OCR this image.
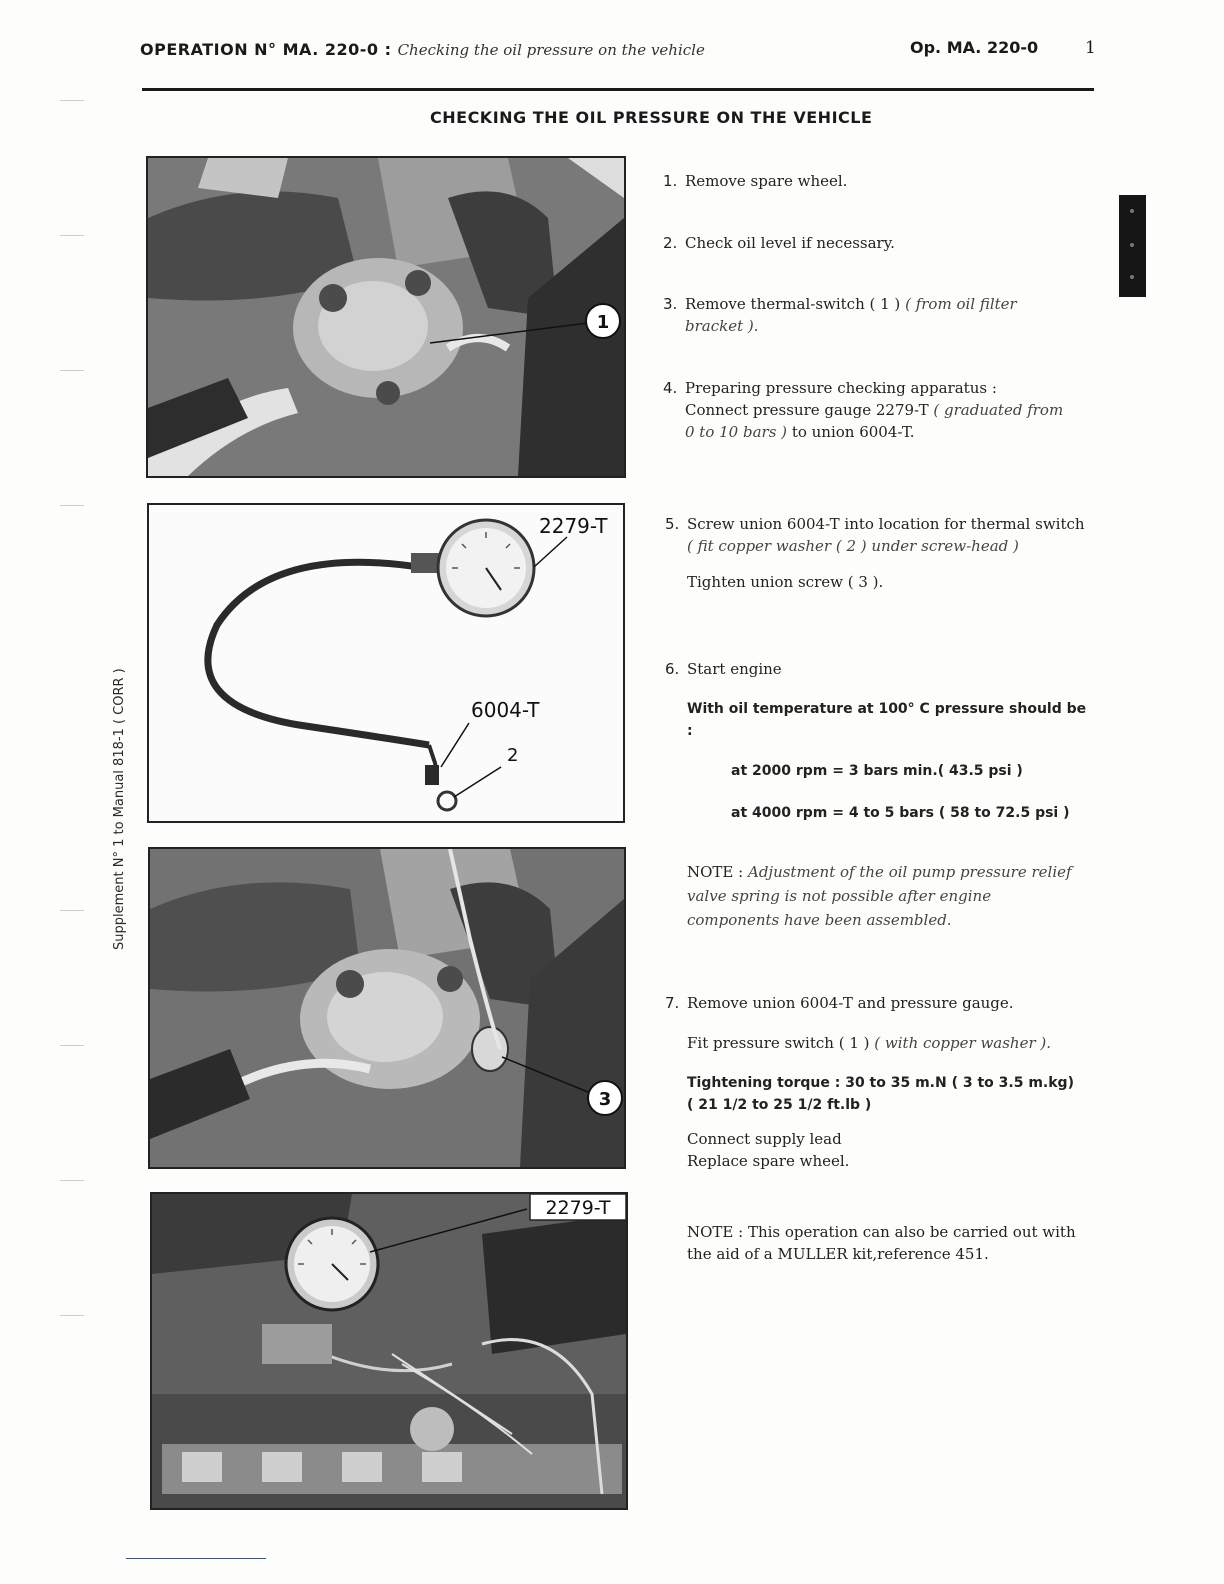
OPERATION N° MA. 220-0 : Checking the oil pressure on the vehicle	Op. MA. 220-0	1
CHECKING THE OIL PRESSURE ON THE VEHICLE
Supplement N° 1 to Manual 818-1 ( CORR )
1
2279-T
6004-T
2
3
2279-T
1. Remove spare wheel.
2. Check oil level if necessary.
3. Remove thermal-switch ( 1 ) ( from oil filter bracket ).
4. Preparing pressure checking apparatus :
Connect pressure gauge 2279-T ( graduated from 0 to 10 bars ) to union 6004-T.
5. Screw union 6004-T into location for thermal switch ( fit copper washer ( 2 ) under screw-head )
Tighten union screw ( 3 ).
6. Start engine
With oil temperature at 100° C pressure should be :
at 2000 rpm = 3 bars min.( 43.5 psi )
at 4000 rpm = 4 to 5 bars ( 58 to 72.5 psi )
NOTE : Adjustment of the oil pump pressure relief valve spring is not possible after engine components have been assembled.
7. Remove union 6004-T and pressure gauge.
Fit pressure switch ( 1 ) ( with copper washer ).
Tightening torque : 30 to 35 m.N ( 3 to 3.5 m.kg)
( 21 1/2 to 25 1/2 ft.lb )
Connect supply lead
Replace spare wheel.
NOTE : This operation can also be carried out with the aid of a MULLER kit,reference 451.
